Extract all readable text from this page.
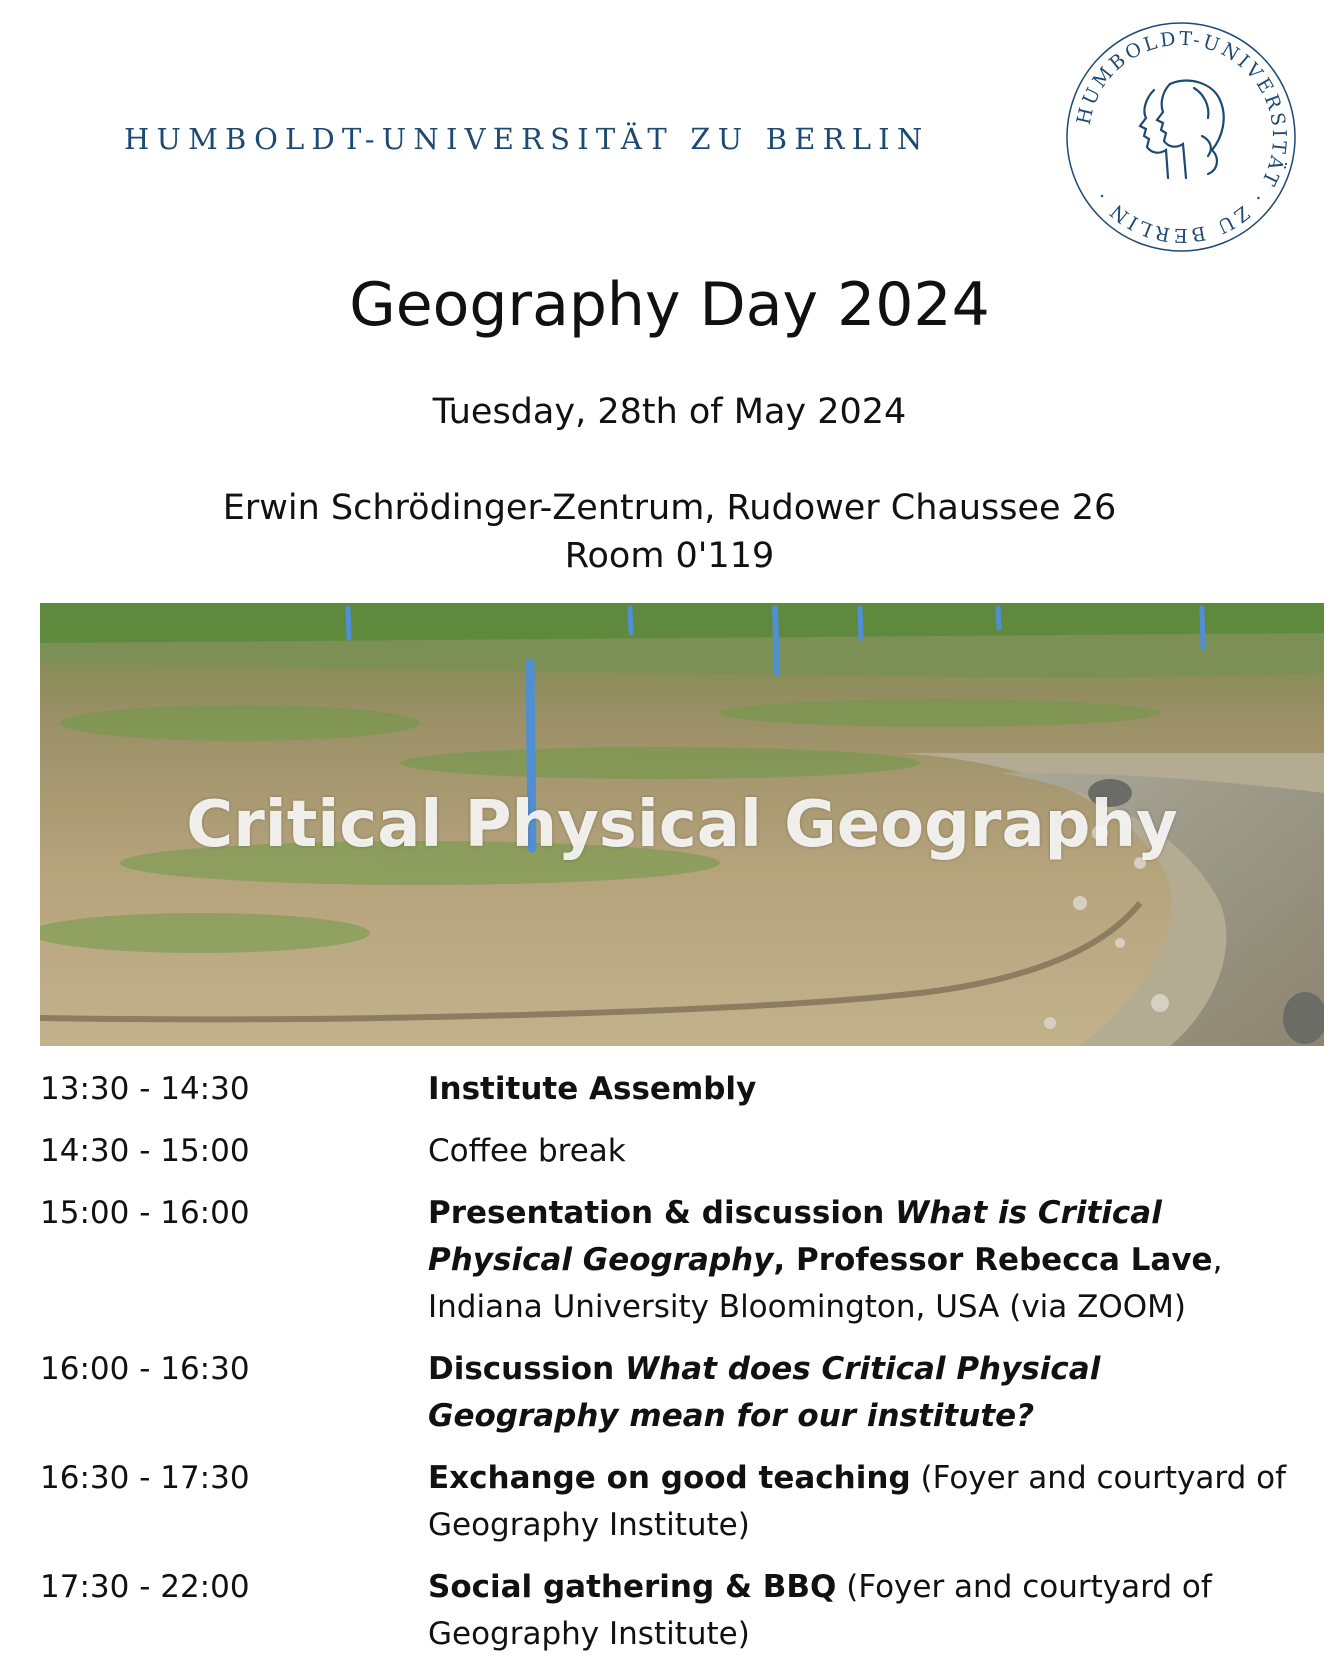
HUMBOLDT-UNIVERSITÄT ZU BERLIN
HUMBOLDT-UNIVERSITÄT · ZU BERLIN ·
Geography Day 2024
Tuesday, 28th of May 2024
Erwin Schrödinger-Zentrum, Rudower Chaussee 26
Room 0'119
Critical Physical Geography
13:30 - 14:30	Institute Assembly
14:30 - 15:00	Coffee break
15:00 - 16:00	Presentation & discussion What is Critical Physical Geography, Professor Rebecca Lave, Indiana University Bloomington, USA (via ZOOM)
16:00 - 16:30	Discussion What does Critical Physical Geography mean for our institute?
16:30 - 17:30	Exchange on good teaching (Foyer and courtyard of Geography Institute)
17:30 - 22:00	Social gathering & BBQ (Foyer and courtyard of Geography Institute)
